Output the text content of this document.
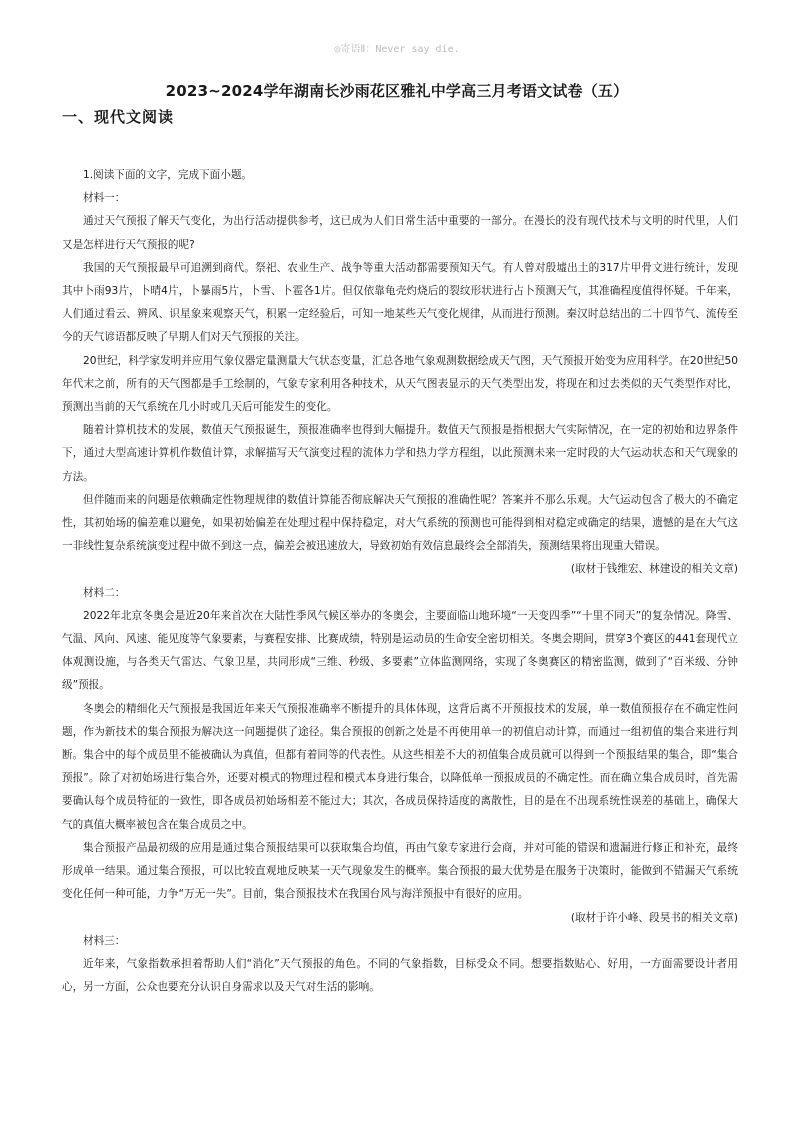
◎寄语Ⅱ：Never say die.
2023~2024学年湖南长沙雨花区雅礼中学高三月考语文试卷（五）
一、现代文阅读

1.阅读下面的文字，完成下面小题。

材料一：

通过天气预报了解天气变化，为出行活动提供参考，这已成为人们日常生活中重要的一部分。在漫长的没有现代技术与文明的时代里，人们又是怎样进行天气预报的呢?

我国的天气预报最早可追溯到商代。祭祀、农业生产、战争等重大活动都需要预知天气。有人曾对殷墟出土的317片甲骨文进行统计，发现其中卜雨93片，卜晴4片，卜暴雨5片，卜雪、卜雹各1片。但仅依靠龟壳灼烧后的裂纹形状进行占卜预测天气，其准确程度值得怀疑。千年来，人们通过看云、辨风、识星象来观察天气，积累一定经验后，可知一地某些天气变化规律，从而进行预测。秦汉时总结出的二十四节气、流传至今的天气谚语都反映了早期人们对天气预报的关注。

20世纪，科学家发明并应用气象仪器定量测量大气状态变量，汇总各地气象观测数据绘成天气图，天气预报开始变为应用科学。在20世纪50年代末之前，所有的天气图都是手工绘制的，气象专家利用各种技术，从天气图表显示的天气类型出发，将现在和过去类似的天气类型作对比，预测出当前的天气系统在几小时或几天后可能发生的变化。

随着计算机技术的发展，数值天气预报诞生，预报准确率也得到大幅提升。数值天气预报是指根据大气实际情况，在一定的初始和边界条件下，通过大型高速计算机作数值计算，求解描写天气演变过程的流体力学和热力学方程组，以此预测未来一定时段的大气运动状态和天气现象的方法。

但伴随而来的问题是依赖确定性物理规律的数值计算能否彻底解决天气预报的准确性呢？答案并不那么乐观。大气运动包含了极大的不确定性，其初始场的偏差难以避免，如果初始偏差在处理过程中保持稳定，对大气系统的预测也可能得到相对稳定或确定的结果，遗憾的是在大气这一非线性复杂系统演变过程中做不到这一点，偏差会被迅速放大，导致初始有效信息最终会全部消失，预测结果将出现重大错误。

(取材于钱维宏、林建设的相关文章)

材料二：

2022年北京冬奥会是近20年来首次在大陆性季风气候区举办的冬奥会，主要面临山地环境“一天变四季”“十里不同天”的复杂情况。降雪、气温、风向、风速、能见度等气象要素，与赛程安排、比赛成绩，特别是运动员的生命安全密切相关。冬奥会期间，贯穿3个赛区的441套现代立体观测设施，与各类天气雷达、气象卫星，共同形成“三维、秒级、多要素”立体监测网络，实现了冬奥赛区的精密监测，做到了“百米级、分钟级”预报。

冬奥会的精细化天气预报是我国近年来天气预报准确率不断提升的具体体现，这背后离不开预报技术的发展，单一数值预报存在不确定性问题，作为新技术的集合预报为解决这一问题提供了途径。集合预报的创新之处是不再使用单一的初值启动计算，而通过一组初值的集合来进行判断。集合中的每个成员里不能被确认为真值，但都有着同等的代表性。从这些相差不大的初值集合成员就可以得到一个预报结果的集合，即“集合预报”。除了对初始场进行集合外，还要对模式的物理过程和模式本身进行集合，以降低单一预报成员的不确定性。而在确立集合成员时，首先需要确认每个成员特征的一致性，即各成员初始场相差不能过大；其次，各成员保持适度的离散性，目的是在不出现系统性误差的基础上，确保大气的真值大概率被包含在集合成员之中。

集合预报产品最初级的应用是通过集合预报结果可以获取集合均值，再由气象专家进行会商，并对可能的错误和遗漏进行修正和补充，最终形成单一结果。通过集合预报，可以比较直观地反映某一天气现象发生的概率。集合预报的最大优势是在服务于决策时，能做到不错漏天气系统变化任何一种可能，力争“万无一失”。目前，集合预报技术在我国台风与海洋预报中有很好的应用。

(取材于许小峰、段昊书的相关文章)

材料三：

近年来，气象指数承担着帮助人们“消化”天气预报的角色。不同的气象指数，目标受众不同。想要指数贴心、好用，一方面需要设计者用心，另一方面，公众也要充分认识自身需求以及天气对生活的影响。
